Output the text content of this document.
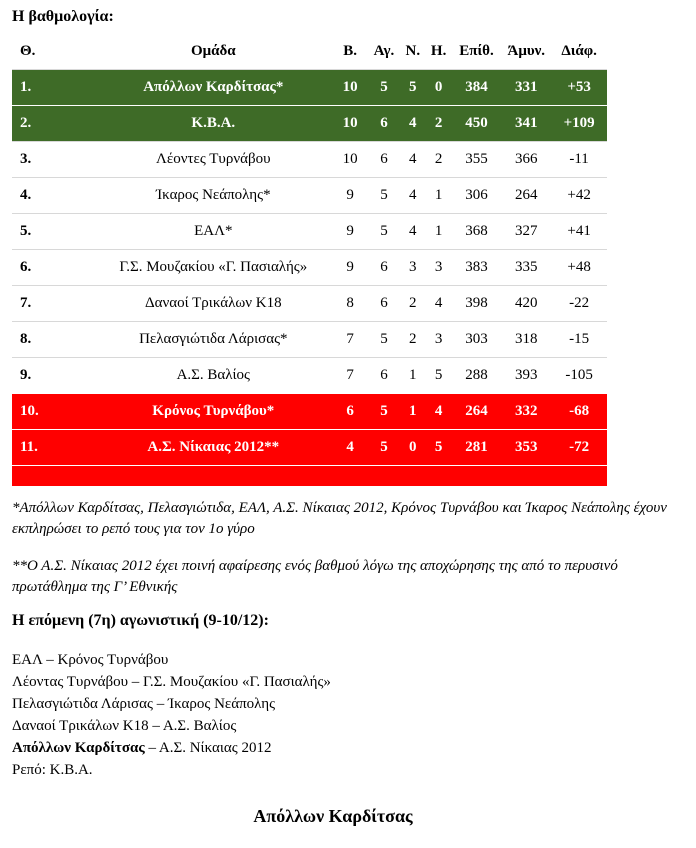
Η βαθμολογία:
Θ.	Ομάδα	Β.	Αγ.	Ν.	Η.	Επίθ.	Άμυν.	Διάφ.
1.	Απόλλων Καρδίτσας*	10	5	5	0	384	331	+53
2.	Κ.Β.Α.	10	6	4	2	450	341	+109
3.	Λέοντες Τυρνάβου	10	6	4	2	355	366	-11
4.	Ίκαρος Νεάπολης*	9	5	4	1	306	264	+42
5.	ΕΑΛ*	9	5	4	1	368	327	+41
6.	Γ.Σ. Μουζακίου «Γ. Πασιαλής»	9	6	3	3	383	335	+48
7.	Δαναοί Τρικάλων Κ18	8	6	2	4	398	420	-22
8.	Πελασγιώτιδα Λάρισας*	7	5	2	3	303	318	-15
9.	Α.Σ. Βαλίος	7	6	1	5	288	393	-105
10.	Κρόνος Τυρνάβου*	6	5	1	4	264	332	-68
11.	Α.Σ. Νίκαιας 2012**	4	5	0	5	281	353	-72

*Απόλλων Καρδίτσας, Πελασγιώτιδα, ΕΑΛ, Α.Σ. Νίκαιας 2012, Κρόνος Τυρνάβου και Ίκαρος Νεάπολης έχουν εκπληρώσει το ρεπό τους για τον 1ο γύρο
**Ο Α.Σ. Νίκαιας 2012 έχει ποινή αφαίρεσης ενός βαθμού λόγω της αποχώρησης της από το περυσινό πρωτάθλημα της Γ’ Εθνικής
Η επόμενη (7η) αγωνιστική (9-10/12):
ΕΑΛ – Κρόνος Τυρνάβου
Λέοντας Τυρνάβου – Γ.Σ. Μουζακίου «Γ. Πασιαλής»
Πελασγιώτιδα Λάρισας – Ίκαρος Νεάπολης
Δαναοί Τρικάλων Κ18 – Α.Σ. Βαλίος
Απόλλων Καρδίτσας – Α.Σ. Νίκαιας 2012
Ρεπό: Κ.Β.Α.
Απόλλων Καρδίτσας
